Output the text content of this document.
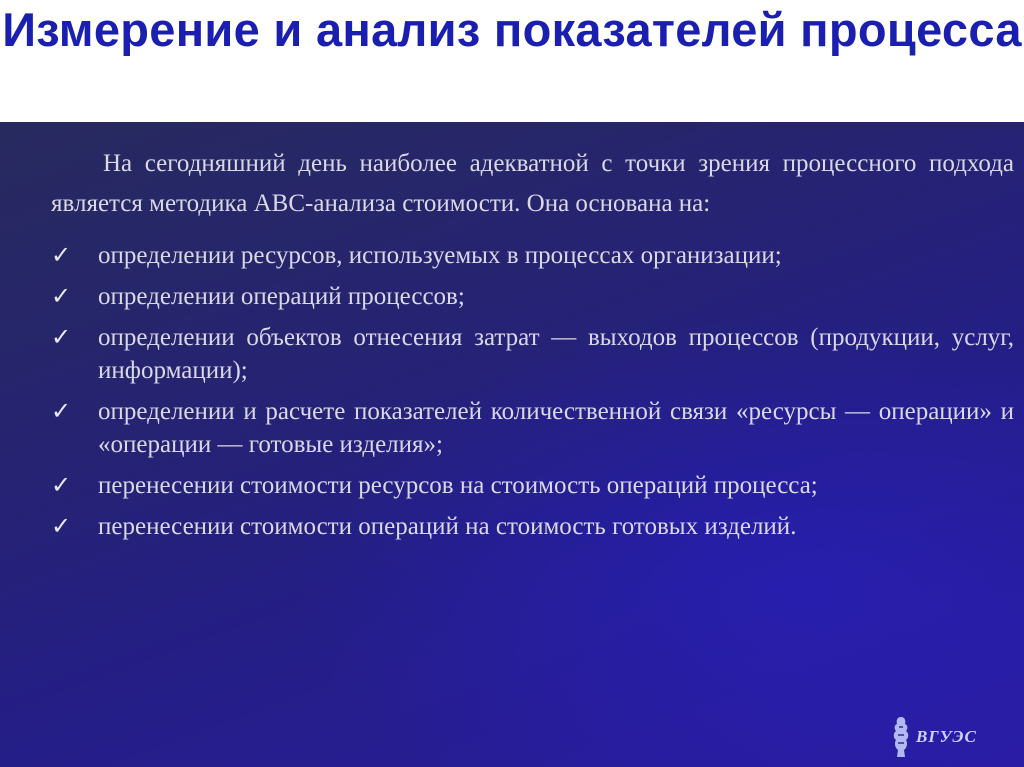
Измерение и анализ показателей процесса

На сегодняшний день наиболее адекватной с точки зрения процессного подхода является методика АВС-анализа стоимости. Она основана на:

✓	определении ресурсов, используемых в процессах организации;
✓	определении операций процессов;
✓	определении объектов отнесения затрат — выходов процессов (продукции, услуг, информации);
✓	определении и расчете показателей количественной связи «ресурсы — операции» и «операции — готовые изделия»;
✓	перенесении стоимости ресурсов на стоимость операций процесса;
✓	перенесении стоимости операций на стоимость готовых изделий.
ВГУЭС
